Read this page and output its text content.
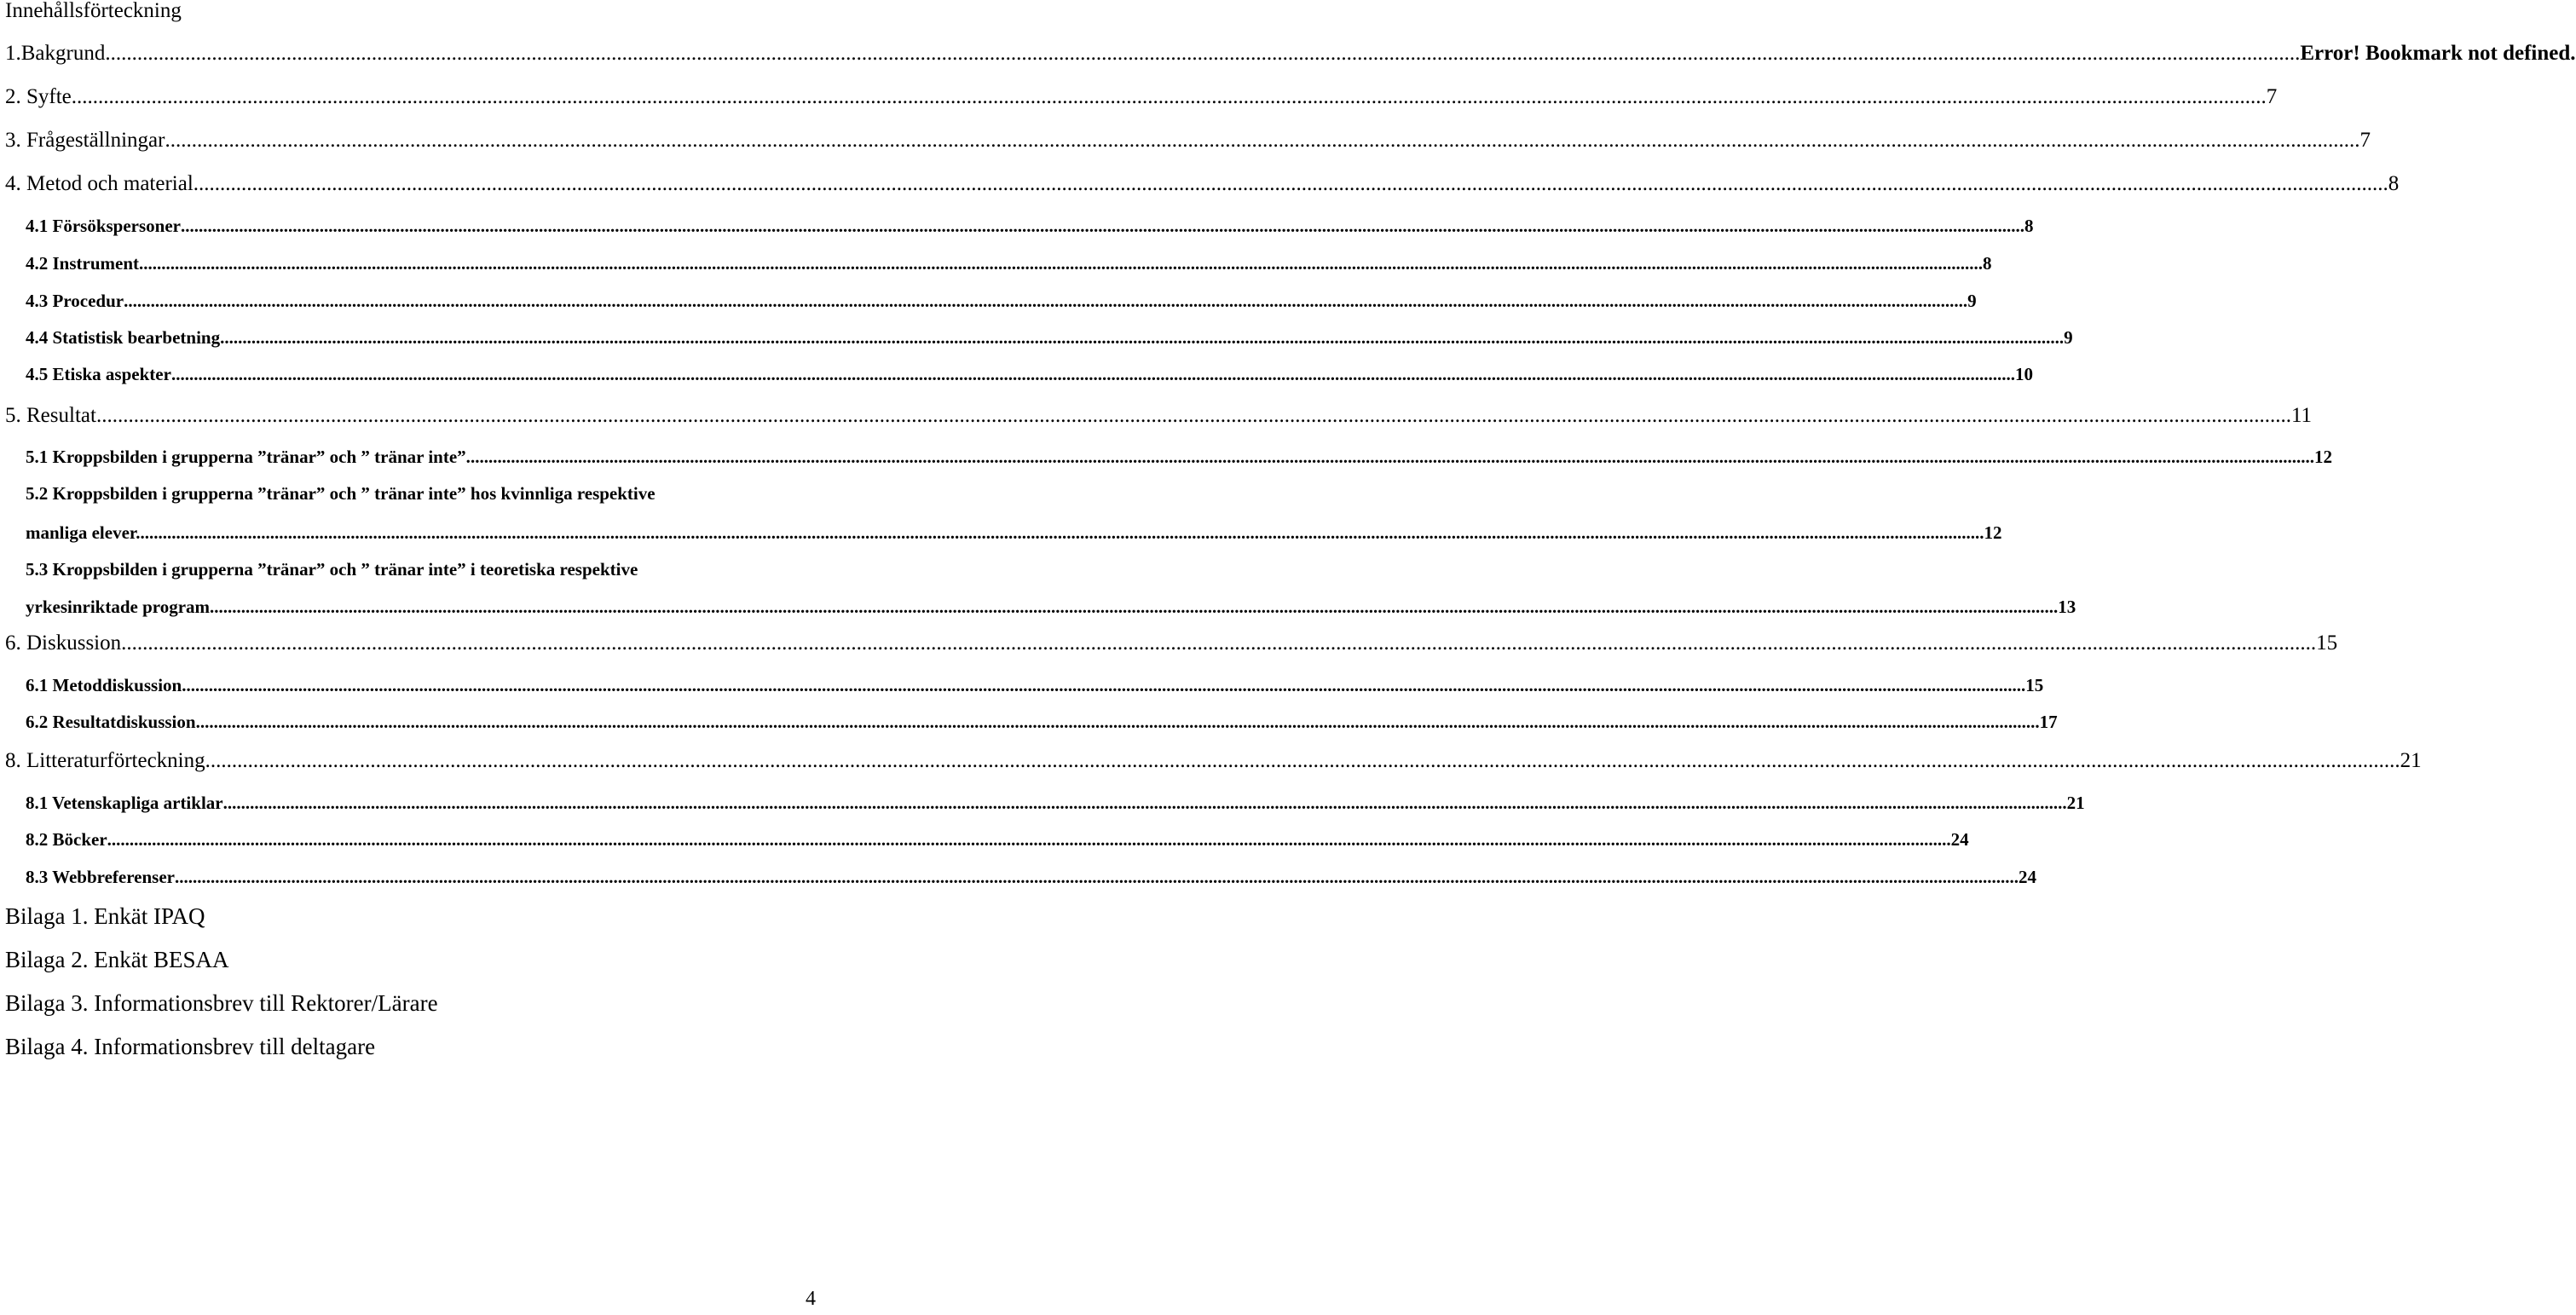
Innehållsförteckning
1.Bakgrund ............................................................................................................................................................................................................................................................................................................................................................................................................................ Error! Bookmark not defined.
2. Syfte ............................................................................................................................................................................................................................................................................................................................................................................................................................ 7
3. Frågeställningar ............................................................................................................................................................................................................................................................................................................................................................................................................................ 7
4. Metod och material ............................................................................................................................................................................................................................................................................................................................................................................................................................ 8
4.1 Försökspersoner ............................................................................................................................................................................................................................................................................................................................................................................................................................ 8
4.2 Instrument ............................................................................................................................................................................................................................................................................................................................................................................................................................ 8
4.3 Procedur ............................................................................................................................................................................................................................................................................................................................................................................................................................ 9
4.4 Statistisk bearbetning ............................................................................................................................................................................................................................................................................................................................................................................................................................ 9
4.5 Etiska aspekter ............................................................................................................................................................................................................................................................................................................................................................................................................................ 10
5. Resultat ............................................................................................................................................................................................................................................................................................................................................................................................................................ 11
5.1 Kroppsbilden i grupperna ”tränar” och ” tränar inte”. ............................................................................................................................................................................................................................................................................................................................................................................................................................ 12
5.2 Kroppsbilden i grupperna ”tränar” och ” tränar inte” hos kvinnliga respektive
manliga elever. ............................................................................................................................................................................................................................................................................................................................................................................................................................ 12
5.3 Kroppsbilden i grupperna ”tränar” och ” tränar inte” i teoretiska respektive
yrkesinriktade program. ............................................................................................................................................................................................................................................................................................................................................................................................................................ 13
6. Diskussion ............................................................................................................................................................................................................................................................................................................................................................................................................................ 15
6.1 Metoddiskussion ............................................................................................................................................................................................................................................................................................................................................................................................................................ 15
6.2 Resultatdiskussion ............................................................................................................................................................................................................................................................................................................................................................................................................................ 17
8. Litteraturförteckning ............................................................................................................................................................................................................................................................................................................................................................................................................................ 21
8.1 Vetenskapliga artiklar ............................................................................................................................................................................................................................................................................................................................................................................................................................ 21
8.2 Böcker ............................................................................................................................................................................................................................................................................................................................................................................................................................ 24
8.3 Webbreferenser ............................................................................................................................................................................................................................................................................................................................................................................................................................ 24
Bilaga 1. Enkät IPAQ
Bilaga 2. Enkät BESAA
Bilaga 3. Informationsbrev till Rektorer/Lärare
Bilaga 4. Informationsbrev till deltagare
4
